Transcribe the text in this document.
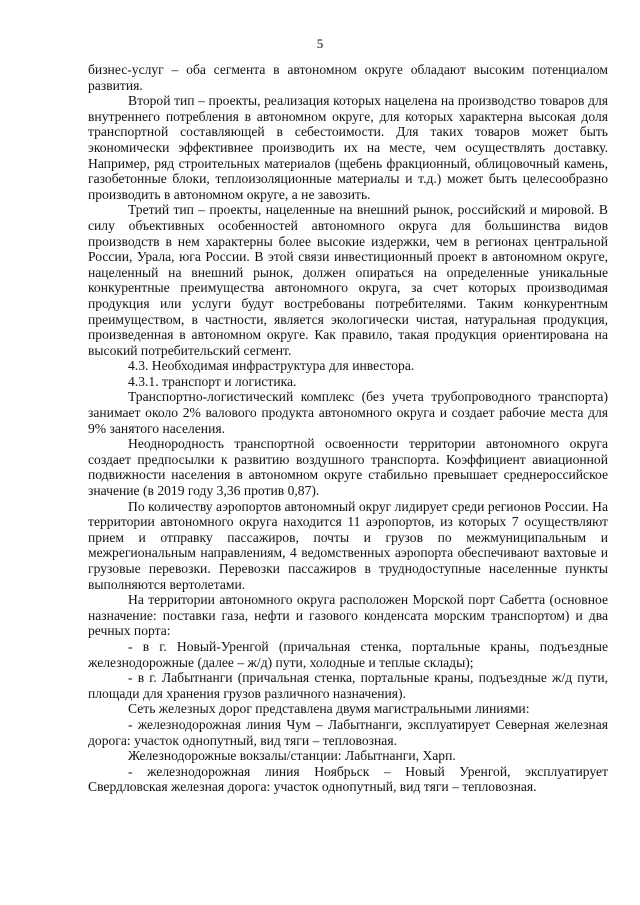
5

бизнес-услуг – оба сегмента в автономном округе обладают высоким потенциалом развития.

Второй тип – проекты, реализация которых нацелена на производство товаров для внутреннего потребления в автономном округе, для которых характерна высокая доля транспортной составляющей в себестоимости. Для таких товаров может быть экономически эффективнее производить их на месте, чем осуществлять доставку. Например, ряд строительных материалов (щебень фракционный, облицовочный камень, газобетонные блоки, теплоизоляционные материалы и т.д.) может быть целесообразно производить в автономном округе, а не завозить.

Третий тип – проекты, нацеленные на внешний рынок, российский и мировой. В силу объективных особенностей автономного округа для большинства видов производств в нем характерны более высокие издержки, чем в регионах центральной России, Урала, юга России. В этой связи инвестиционный проект в автономном округе, нацеленный на внешний рынок, должен опираться на определенные уникальные конкурентные преимущества автономного округа, за счет которых производимая продукция или услуги будут востребованы потребителями. Таким конкурентным преимуществом, в частности, является экологически чистая, натуральная продукция, произведенная в автономном округе. Как правило, такая продукция ориентирована на высокий потребительский сегмент.

4.3. Необходимая инфраструктура для инвестора.

4.3.1. транспорт и логистика.

Транспортно-логистический комплекс (без учета трубопроводного транспорта) занимает около 2% валового продукта автономного округа и создает рабочие места для 9% занятого населения.

Неоднородность транспортной освоенности территории автономного округа создает предпосылки к развитию воздушного транспорта. Коэффициент авиационной подвижности населения в автономном округе стабильно превышает среднероссийское значение (в 2019 году 3,36 против 0,87).

По количеству аэропортов автономный округ лидирует среди регионов России. На территории автономного округа находится 11 аэропортов, из которых 7 осуществляют прием и отправку пассажиров, почты и грузов по межмуниципальным и межрегиональным направлениям, 4 ведомственных аэропорта обеспечивают вахтовые и грузовые перевозки. Перевозки пассажиров в труднодоступные населенные пункты выполняются вертолетами.

На территории автономного округа расположен Морской порт Сабетта (основное назначение: поставки газа, нефти и газового конденсата морским транспортом) и два речных порта:

- в г. Новый-Уренгой (причальная стенка, портальные краны, подъездные железнодорожные (далее – ж/д) пути, холодные и теплые склады);

- в г. Лабытнанги (причальная стенка, портальные краны, подъездные ж/д пути, площади для хранения грузов различного назначения).

Сеть железных дорог представлена двумя магистральными линиями:

- железнодорожная линия Чум – Лабытнанги, эксплуатирует Северная железная дорога: участок однопутный, вид тяги – тепловозная.

Железнодорожные вокзалы/станции: Лабытнанги, Харп.

- железнодорожная линия Ноябрьск – Новый Уренгой, эксплуатирует Свердловская железная дорога: участок однопутный, вид тяги – тепловозная.
